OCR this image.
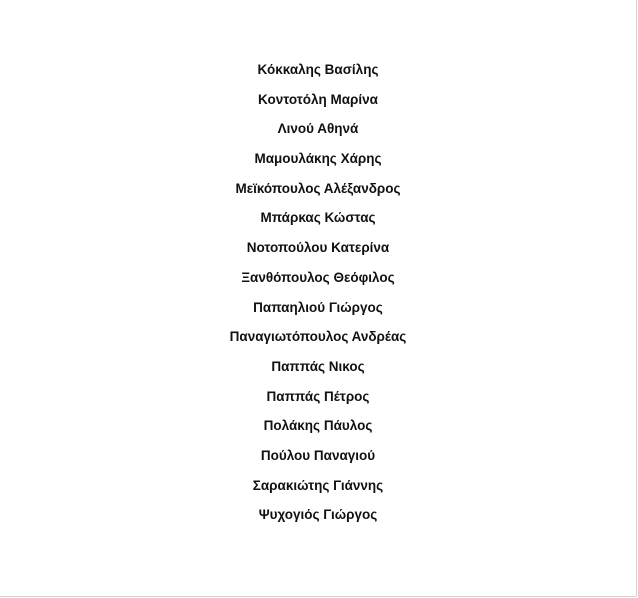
Κόκκαλης Βασίλης
Κοντοτόλη Μαρίνα
Λινού Αθηνά
Μαμουλάκης Χάρης
Μεϊκόπουλος Αλέξανδρος
Μπάρκας Κώστας
Νοτοπούλου Κατερίνα
Ξανθόπουλος Θεόφιλος
Παπαηλιού Γιώργος
Παναγιωτόπουλος Ανδρέας
Παππάς Νικος
Παππάς Πέτρος
Πολάκης Πάυλος
Πούλου Παναγιού
Σαρακιώτης Γιάννης
Ψυχογιός Γιώργος
